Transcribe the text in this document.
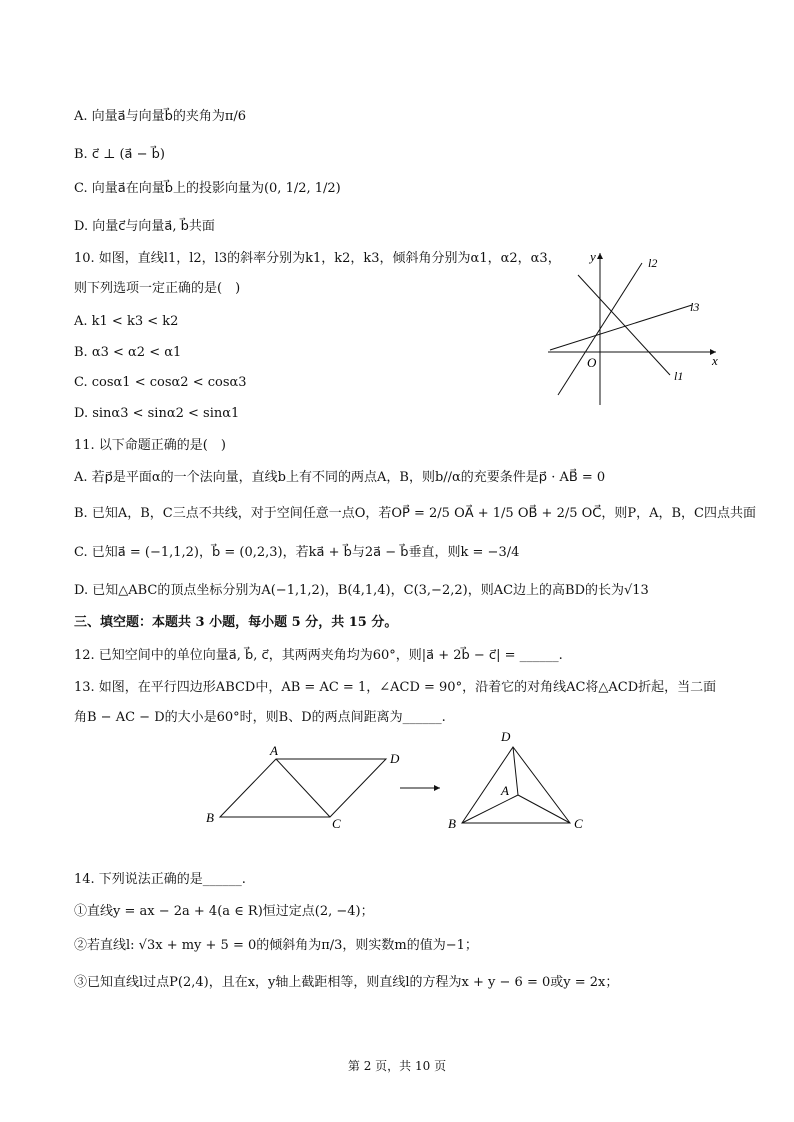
A. 向量a⃗与向量b⃗的夹角为π/6
B. c⃗ ⊥ (a⃗ − b⃗)
C. 向量a⃗在向量b⃗上的投影向量为(0, 1/2, 1/2)
D. 向量c⃗与向量a⃗, b⃗共面
10. 如图，直线l1，l2，l3的斜率分别为k1，k2，k3，倾斜角分别为α1，α2，α3，
则下列选项一定正确的是(　)
A. k1 < k3 < k2
B. α3 < α2 < α1
C. cosα1 < cosα2 < cosα3
D. sinα3 < sinα2 < sinα1
y
x
O
l2
l3
l1
11. 以下命题正确的是(　)
A. 若p⃗是平面α的一个法向量，直线b上有不同的两点A，B，则b//α的充要条件是p⃗ · AB⃗ = 0
B. 已知A，B，C三点不共线，对于空间任意一点O，若OP⃗ = 2/5 OA⃗ + 1/5 OB⃗ + 2/5 OC⃗，则P，A，B，C四点共面
C. 已知a⃗ = (−1,1,2)，b⃗ = (0,2,3)，若ka⃗ + b⃗与2a⃗ − b⃗垂直，则k = −3/4
D. 已知△ABC的顶点坐标分别为A(−1,1,2)，B(4,1,4)，C(3,−2,2)，则AC边上的高BD的长为√13
三、填空题：本题共 3 小题，每小题 5 分，共 15 分。
12. 已知空间中的单位向量a⃗, b⃗, c⃗，其两两夹角均为60°，则|a⃗ + 2b⃗ − c⃗| = ______.
13. 如图，在平行四边形ABCD中，AB = AC = 1，∠ACD = 90°，沿着它的对角线AC将△ACD折起，当二面
角B − AC − D的大小是60°时，则B、D的两点间距离为______.
A
D
B	C
D
A
B	C
14. 下列说法正确的是______.
①直线y = ax − 2a + 4(a ∈ R)恒过定点(2, −4)；
②若直线l: √3x + my + 5 = 0的倾斜角为π/3，则实数m的值为−1；
③已知直线l过点P(2,4)，且在x，y轴上截距相等，则直线l的方程为x + y − 6 = 0或y = 2x；
第 2 页，共 10 页
